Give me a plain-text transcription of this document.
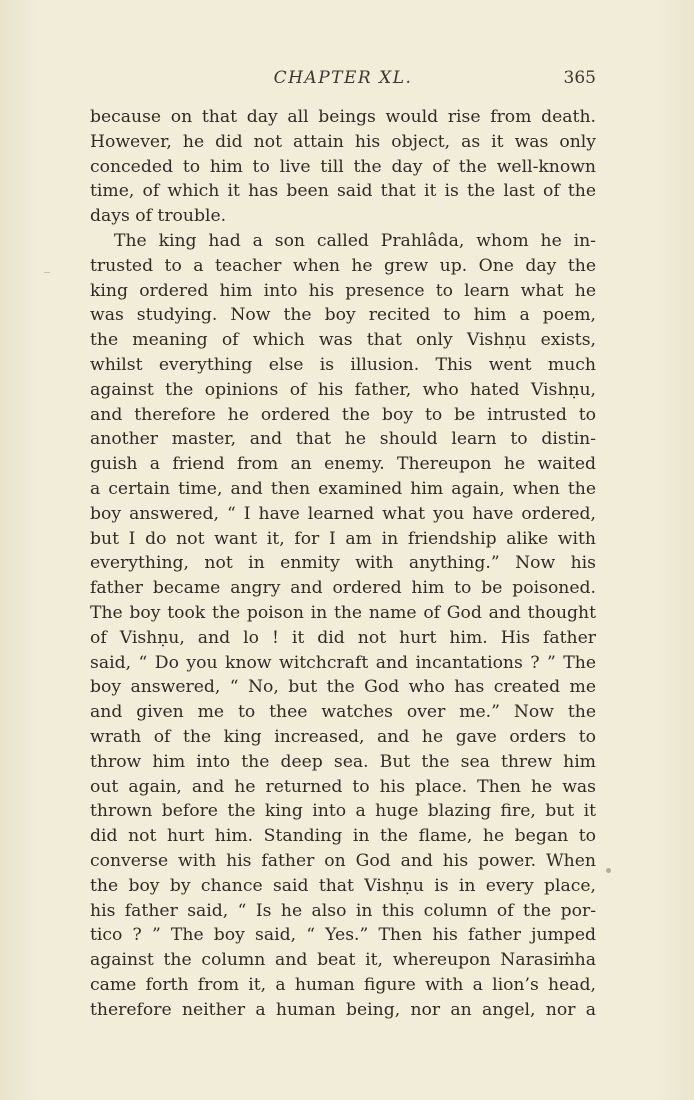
CHAPTER XL.	365
because on that day all beings would rise from death.
However, he did not attain his object, as it was only
conceded to him to live till the day of the well-known
time, of which it has been said that it is the last of the
days of trouble.
The king had a son called Prahlâda, whom he in-
trusted to a teacher when he grew up. One day the
king ordered him into his presence to learn what he
was studying. Now the boy recited to him a poem,
the meaning of which was that only Vishṇu exists,
whilst everything else is illusion. This went much
against the opinions of his father, who hated Vishṇu,
and therefore he ordered the boy to be intrusted to
another master, and that he should learn to distin-
guish a friend from an enemy. Thereupon he waited
a certain time, and then examined him again, when the
boy answered, “ I have learned what you have ordered,
but I do not want it, for I am in friendship alike with
everything, not in enmity with anything.” Now his
father became angry and ordered him to be poisoned.
The boy took the poison in the name of God and thought
of Vishṇu, and lo ! it did not hurt him. His father
said, “ Do you know witchcraft and incantations ? ” The
boy answered, “ No, but the God who has created me
and given me to thee watches over me.” Now the
wrath of the king increased, and he gave orders to
throw him into the deep sea. But the sea threw him
out again, and he returned to his place. Then he was
thrown before the king into a huge blazing fire, but it
did not hurt him. Standing in the flame, he began to
converse with his father on God and his power. When
the boy by chance said that Vishṇu is in every place,
his father said, “ Is he also in this column of the por-
tico ? ” The boy said, “ Yes.” Then his father jumped
against the column and beat it, whereupon Narasiṁha
came forth from it, a human figure with a lion’s head,
therefore neither a human being, nor an angel, nor a
